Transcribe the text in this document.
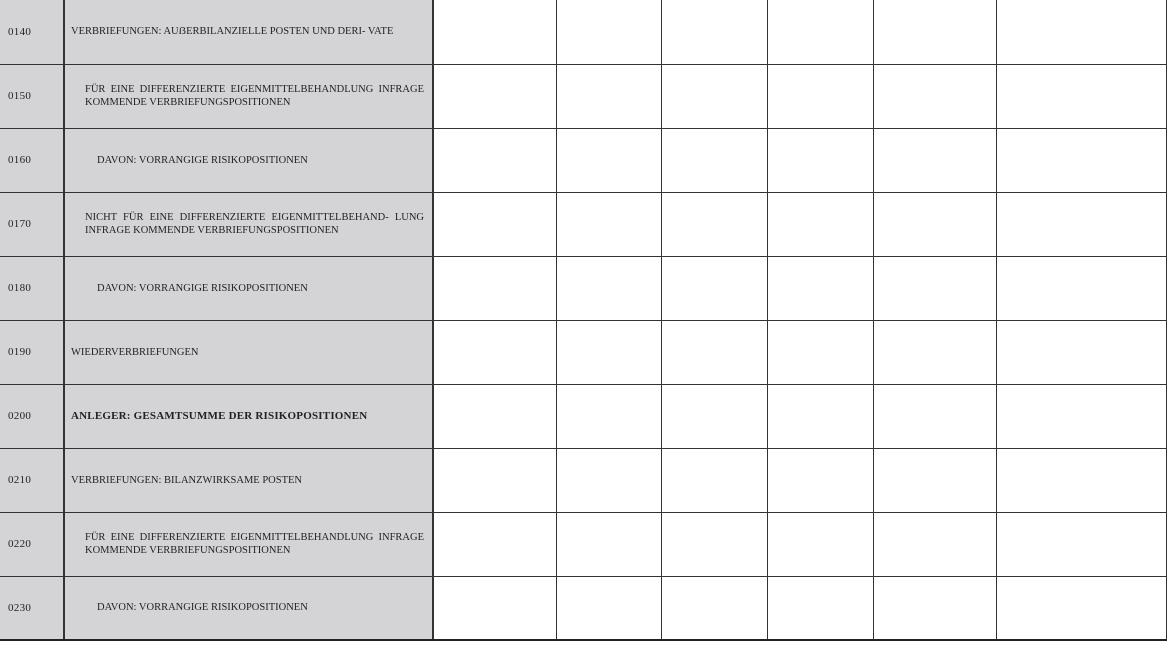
0140	VERBRIEFUNGEN: AUẞERBILANZIELLE POSTEN UND DERI- VATE						
0150	FÜR EINE DIFFERENZIERTE EIGENMITTELBEHANDLUNG INFRAGE KOMMENDE VERBRIEFUNGSPOSITIONEN						
0160	DAVON: VORRANGIGE RISIKOPOSITIONEN						
0170	NICHT FÜR EINE DIFFERENZIERTE EIGENMITTELBEHAND- LUNG INFRAGE KOMMENDE VERBRIEFUNGSPOSITIONEN						
0180	DAVON: VORRANGIGE RISIKOPOSITIONEN						
0190	WIEDERVERBRIEFUNGEN						
0200	ANLEGER: GESAMTSUMME DER RISIKOPOSITIONEN						
0210	VERBRIEFUNGEN: BILANZWIRKSAME POSTEN						
0220	FÜR EINE DIFFERENZIERTE EIGENMITTELBEHANDLUNG INFRAGE KOMMENDE VERBRIEFUNGSPOSITIONEN						
0230	DAVON: VORRANGIGE RISIKOPOSITIONEN						
